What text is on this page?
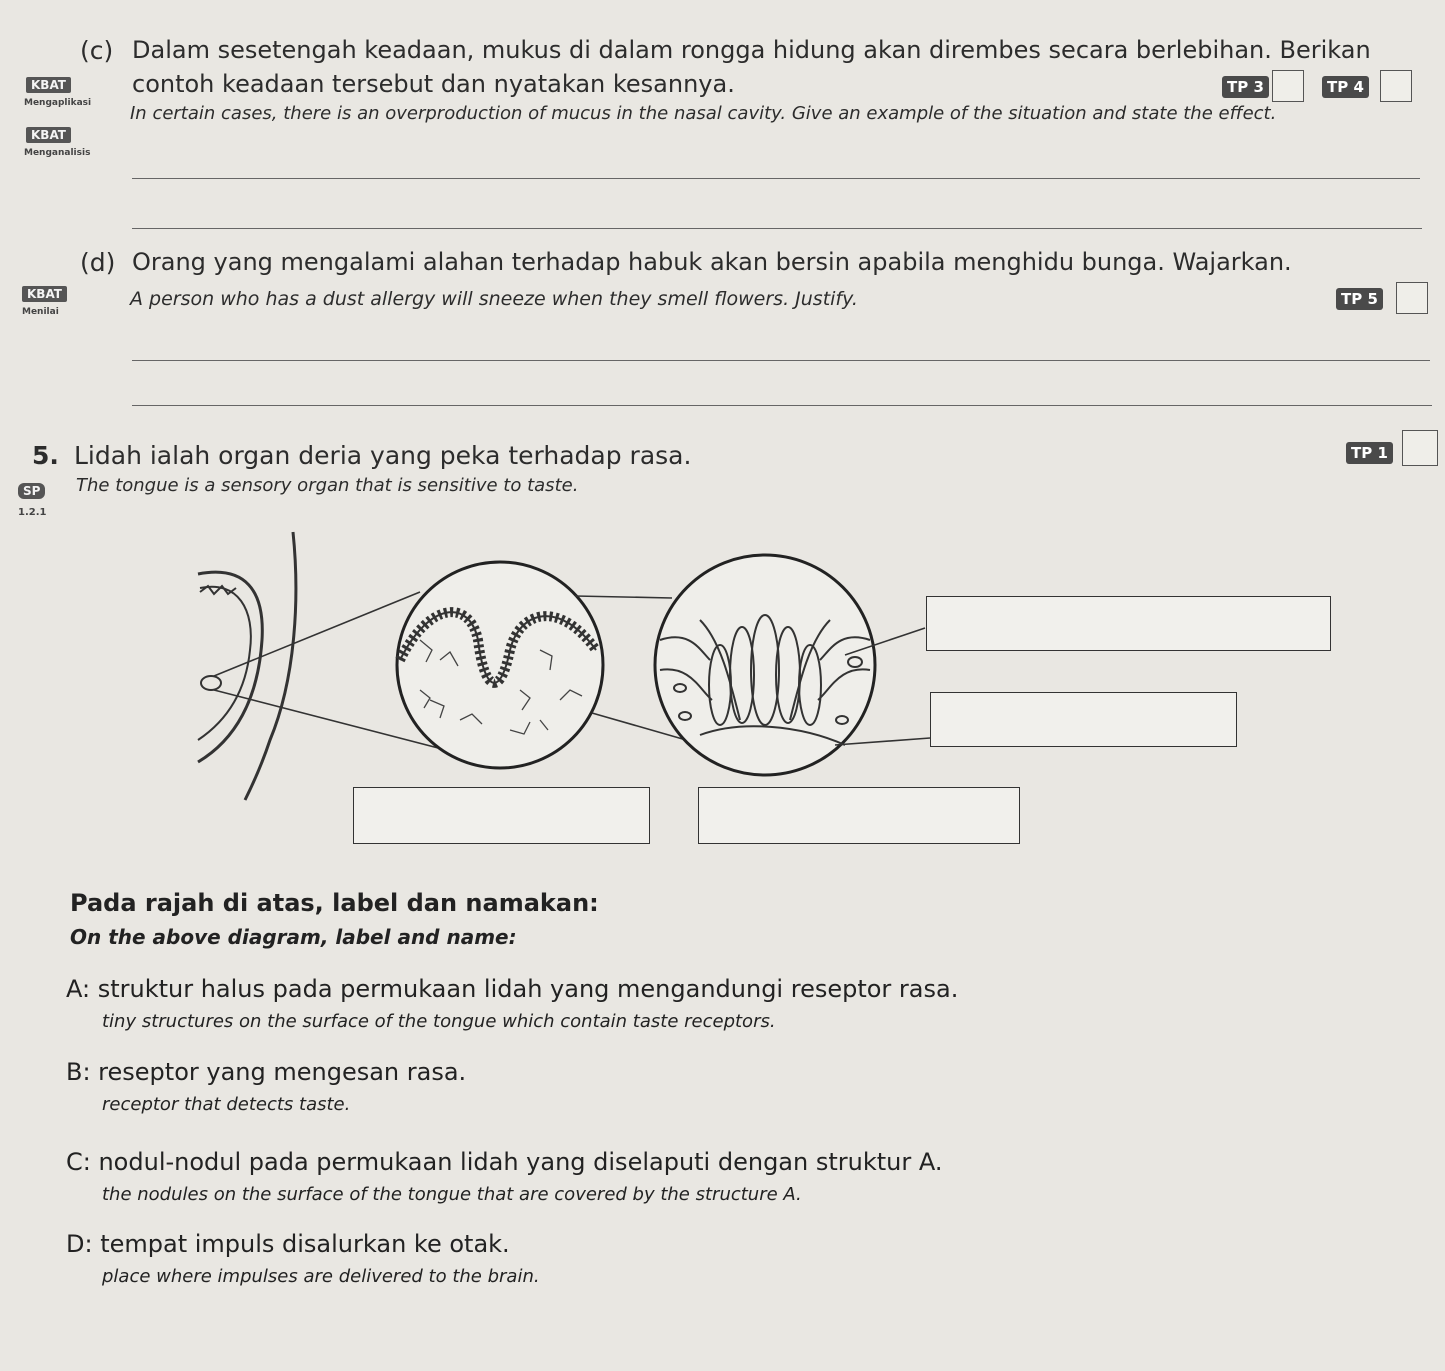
(c) Dalam sesetengah keadaan, mukus di dalam rongga hidung akan dirembes secara berlebihan. Berikan
contoh keadaan tersebut dan nyatakan kesannya.
In certain cases, there is an overproduction of mucus in the nasal cavity. Give an example of the situation and state the effect.
KBAT
Mengaplikasi
KBAT
Menganalisis
TP 3	TP 4
(d) Orang yang mengalami alahan terhadap habuk akan bersin apabila menghidu bunga. Wajarkan.
A person who has a dust allergy will sneeze when they smell flowers. Justify.
KBAT
Menilai
TP 5
5. Lidah ialah organ deria yang peka terhadap rasa.
The tongue is a sensory organ that is sensitive to taste.
SP
1.2.1
TP 1
Pada rajah di atas, label dan namakan:
On the above diagram, label and name:
A: struktur halus pada permukaan lidah yang mengandungi reseptor rasa.
tiny structures on the surface of the tongue which contain taste receptors.
B: reseptor yang mengesan rasa.
receptor that detects taste.
C: nodul-nodul pada permukaan lidah yang diselaputi dengan struktur A.
the nodules on the surface of the tongue that are covered by the structure A.
D: tempat impuls disalurkan ke otak.
place where impulses are delivered to the brain.
